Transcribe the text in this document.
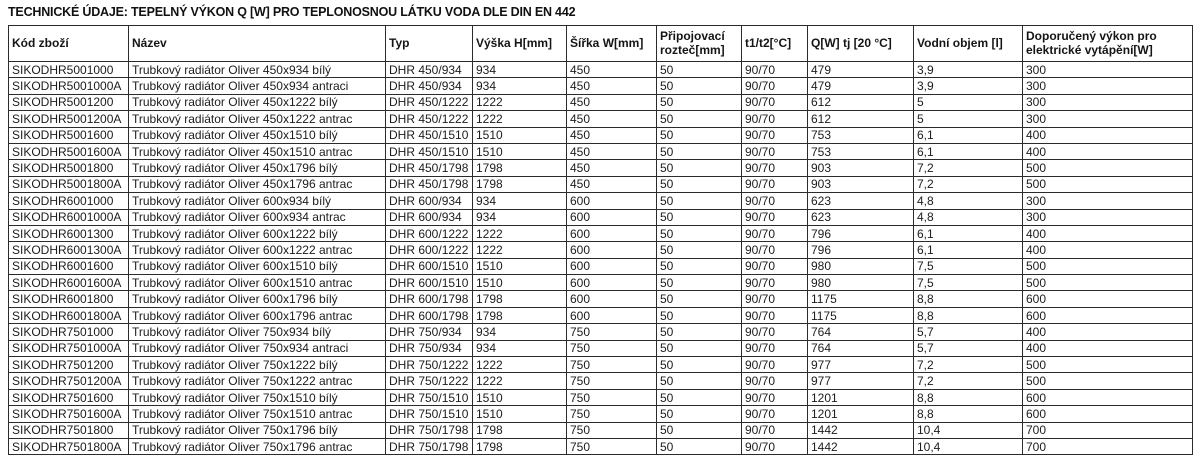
TECHNICKÉ ÚDAJE: TEPELNÝ VÝKON Q [W] PRO TEPLONOSNOU LÁTKU VODA DLE DIN EN 442
Kód zboží	Název	Typ	Výška H[mm]	Šířka W[mm]	Připojovací rozteč[mm]	t1/t2[°C]	Q[W] tj [20 °C]	Vodní objem [l]	Doporučený výkon pro elektrické vytápění[W]
SIKODHR5001000	Trubkový radiátor Oliver 450x934 bílý	DHR 450/934	934	450	50	90/70	479	3,9	300
SIKODHR5001000A	Trubkový radiátor Oliver 450x934 antraci	DHR 450/934	934	450	50	90/70	479	3,9	300
SIKODHR5001200	Trubkový radiátor Oliver 450x1222 bílý	DHR 450/1222	1222	450	50	90/70	612	5	300
SIKODHR5001200A	Trubkový radiátor Oliver 450x1222 antrac	DHR 450/1222	1222	450	50	90/70	612	5	300
SIKODHR5001600	Trubkový radiátor Oliver 450x1510 bílý	DHR 450/1510	1510	450	50	90/70	753	6,1	400
SIKODHR5001600A	Trubkový radiátor Oliver 450x1510 antrac	DHR 450/1510	1510	450	50	90/70	753	6,1	400
SIKODHR5001800	Trubkový radiátor Oliver 450x1796 bílý	DHR 450/1798	1798	450	50	90/70	903	7,2	500
SIKODHR5001800A	Trubkový radiátor Oliver 450x1796 antrac	DHR 450/1798	1798	450	50	90/70	903	7,2	500
SIKODHR6001000	Trubkový radiátor Oliver 600x934 bílý	DHR 600/934	934	600	50	90/70	623	4,8	300
SIKODHR6001000A	Trubkový radiátor Oliver 600x934 antrac	DHR 600/934	934	600	50	90/70	623	4,8	300
SIKODHR6001300	Trubkový radiátor Oliver 600x1222 bílý	DHR 600/1222	1222	600	50	90/70	796	6,1	400
SIKODHR6001300A	Trubkový radiátor Oliver 600x1222 antrac	DHR 600/1222	1222	600	50	90/70	796	6,1	400
SIKODHR6001600	Trubkový radiátor Oliver 600x1510 bílý	DHR 600/1510	1510	600	50	90/70	980	7,5	500
SIKODHR6001600A	Trubkový radiátor Oliver 600x1510 antrac	DHR 600/1510	1510	600	50	90/70	980	7,5	500
SIKODHR6001800	Trubkový radiátor Oliver 600x1796 bílý	DHR 600/1798	1798	600	50	90/70	1175	8,8	600
SIKODHR6001800A	Trubkový radiátor Oliver 600x1796 antrac	DHR 600/1798	1798	600	50	90/70	1175	8,8	600
SIKODHR7501000	Trubkový radiátor Oliver 750x934 bílý	DHR 750/934	934	750	50	90/70	764	5,7	400
SIKODHR7501000A	Trubkový radiátor Oliver 750x934 antraci	DHR 750/934	934	750	50	90/70	764	5,7	400
SIKODHR7501200	Trubkový radiátor Oliver 750x1222 bílý	DHR 750/1222	1222	750	50	90/70	977	7,2	500
SIKODHR7501200A	Trubkový radiátor Oliver 750x1222 antrac	DHR 750/1222	1222	750	50	90/70	977	7,2	500
SIKODHR7501600	Trubkový radiátor Oliver 750x1510 bílý	DHR 750/1510	1510	750	50	90/70	1201	8,8	600
SIKODHR7501600A	Trubkový radiátor Oliver 750x1510 antrac	DHR 750/1510	1510	750	50	90/70	1201	8,8	600
SIKODHR7501800	Trubkový radiátor Oliver 750x1796 bílý	DHR 750/1798	1798	750	50	90/70	1442	10,4	700
SIKODHR7501800A	Trubkový radiátor Oliver 750x1796 antrac	DHR 750/1798	1798	750	50	90/70	1442	10,4	700
